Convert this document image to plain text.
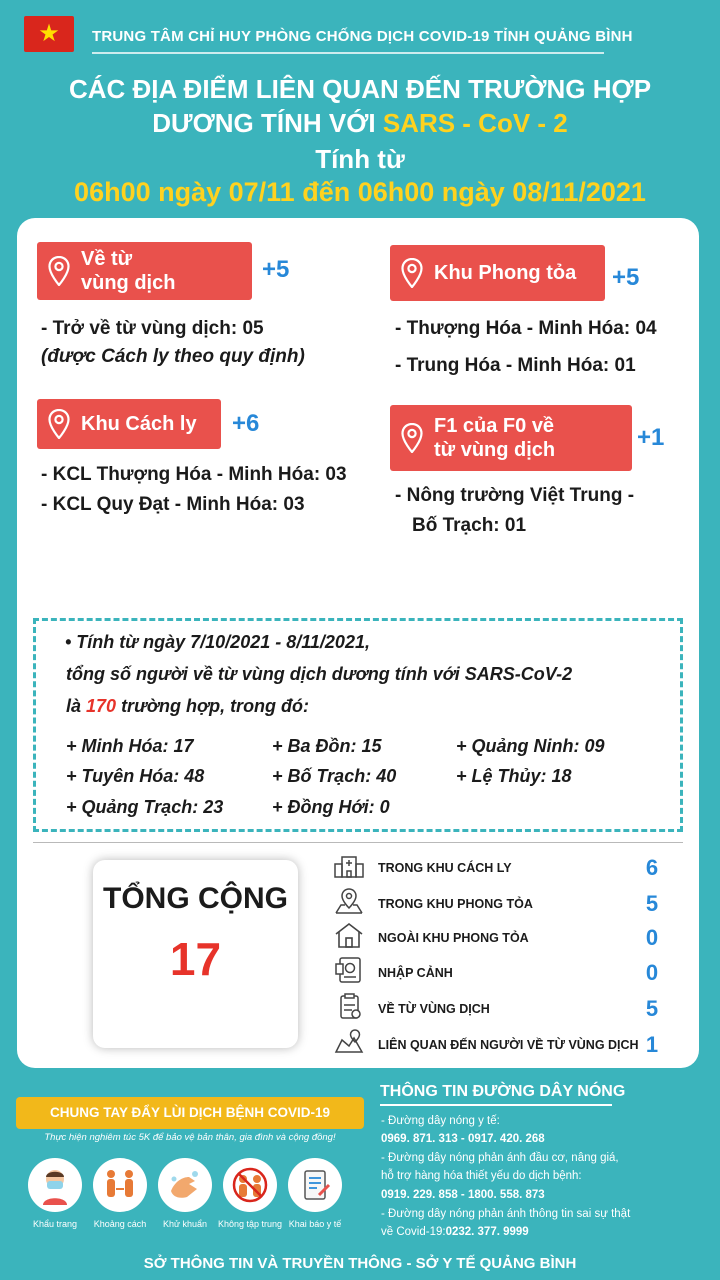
★	TRUNG TÂM CHỈ HUY PHÒNG CHỐNG DỊCH COVID-19 TỈNH QUẢNG BÌNH
CÁC ĐỊA ĐIỂM LIÊN QUAN ĐẾN TRƯỜNG HỢP
DƯƠNG TÍNH VỚI SARS - CoV - 2
Tính từ
06h00 ngày 07/11 đến 06h00 ngày 08/11/2021
Về từ
vùng dịch	+5
- Trở về từ vùng dịch: 05
(được Cách ly theo quy định)
Khu Phong tỏa +5
- Thượng Hóa - Minh Hóa: 04
- Trung Hóa - Minh Hóa: 01
Khu Cách ly +6
- KCL Thượng Hóa - Minh Hóa: 03
- KCL Quy Đạt - Minh Hóa: 03
F1 của F0 về
từ vùng dịch	+1
- Nông trường Việt Trung -
Bố Trạch: 01
• Tính từ ngày 7/10/2021 - 8/11/2021,
tổng số người về từ vùng dịch dương tính với SARS-CoV-2
là 170 trường hợp, trong đó:
+ Minh Hóa: 17	+ Ba Đồn: 15	+ Quảng Ninh: 09
+ Tuyên Hóa: 48	+ Bố Trạch: 40	+ Lệ Thủy: 18
+ Quảng Trạch: 23	+ Đồng Hới: 0
TỔNG CỘNG
17
TRONG KHU CÁCH LY	6
TRONG KHU PHONG TỎA	5
NGOÀI KHU PHONG TỎA	0
NHẬP CẢNH	0
VỀ TỪ VÙNG DỊCH	5
LIÊN QUAN ĐẾN NGƯỜI VỀ TỪ VÙNG DỊCH 1
CHUNG TAY ĐẨY LÙI DỊCH BỆNH COVID-19
Thực hiện nghiêm túc 5K để bảo vệ bản thân, gia đình và cộng đồng!
Khẩu trang	Khoảng cách	Khử khuẩn	Không tập trung Khai báo y tế
THÔNG TIN ĐƯỜNG DÂY NÓNG
- Đường dây nóng y tế:
0969. 871. 313 - 0917. 420. 268
- Đường dây nóng phản ánh đầu cơ, nâng giá,
hỗ trợ hàng hóa thiết yếu do dịch bệnh:
0919. 229. 858 - 1800. 558. 873
- Đường dây nóng phản ánh thông tin sai sự thật
về Covid-19:0232. 377. 9999
SỞ THÔNG TIN VÀ TRUYỀN THÔNG - SỞ Y TẾ QUẢNG BÌNH
